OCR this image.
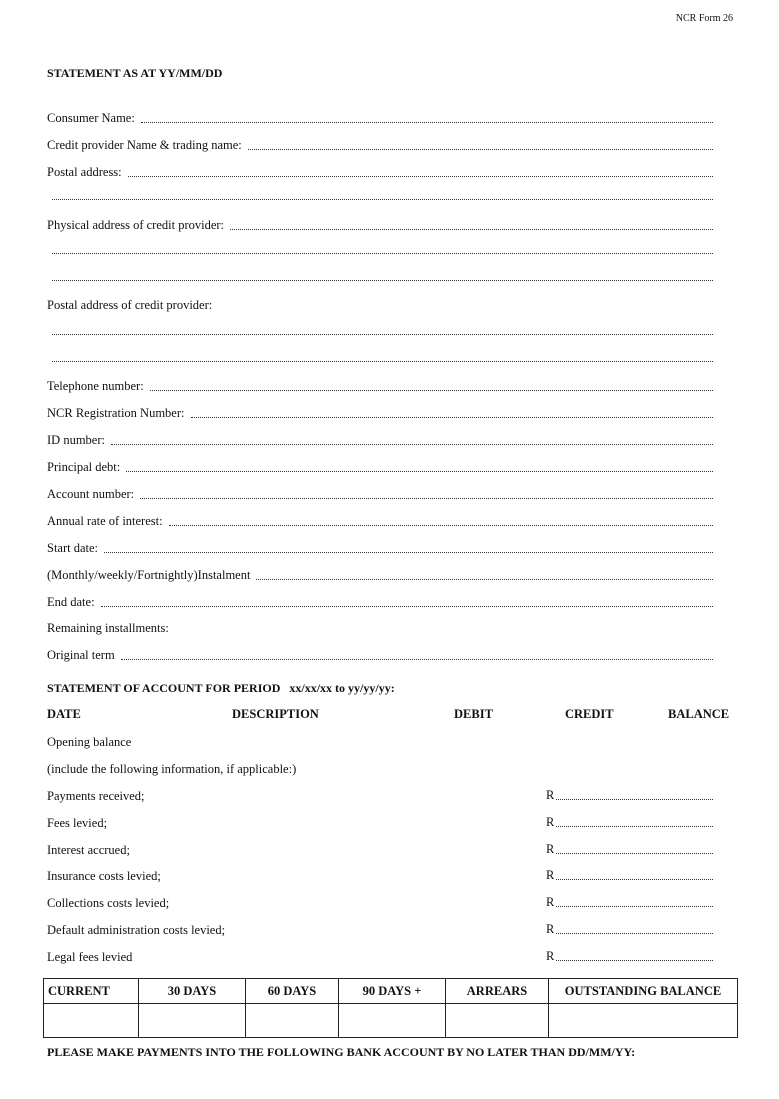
NCR Form 26
STATEMENT AS AT YY/MM/DD
Consumer Name:
Credit provider Name & trading name:
Postal address:
Physical address of credit provider:
Postal address of credit provider:
Telephone number:
NCR Registration Number:
ID number:
Principal debt:
Account number:
Annual rate of interest:
Start date:
(Monthly/weekly/Fortnightly)Instalment
End date:
Remaining installments:
Original term
STATEMENT OF ACCOUNT FOR PERIOD xx/xx/xx to yy/yy/yy:
DATE	DESCRIPTION	DEBIT	CREDIT	BALANCE
Opening balance
(include the following information, if applicable:)
Payments received;	R
Fees levied;	R
Interest accrued;	R
Insurance costs levied;	R
Collections costs levied;	R
Default administration costs levied;	R
Legal fees levied	R
CURRENT	30 DAYS	60 DAYS	90 DAYS +	ARREARS	OUTSTANDING BALANCE

PLEASE MAKE PAYMENTS INTO THE FOLLOWING BANK ACCOUNT BY NO LATER THAN DD/MM/YY:
